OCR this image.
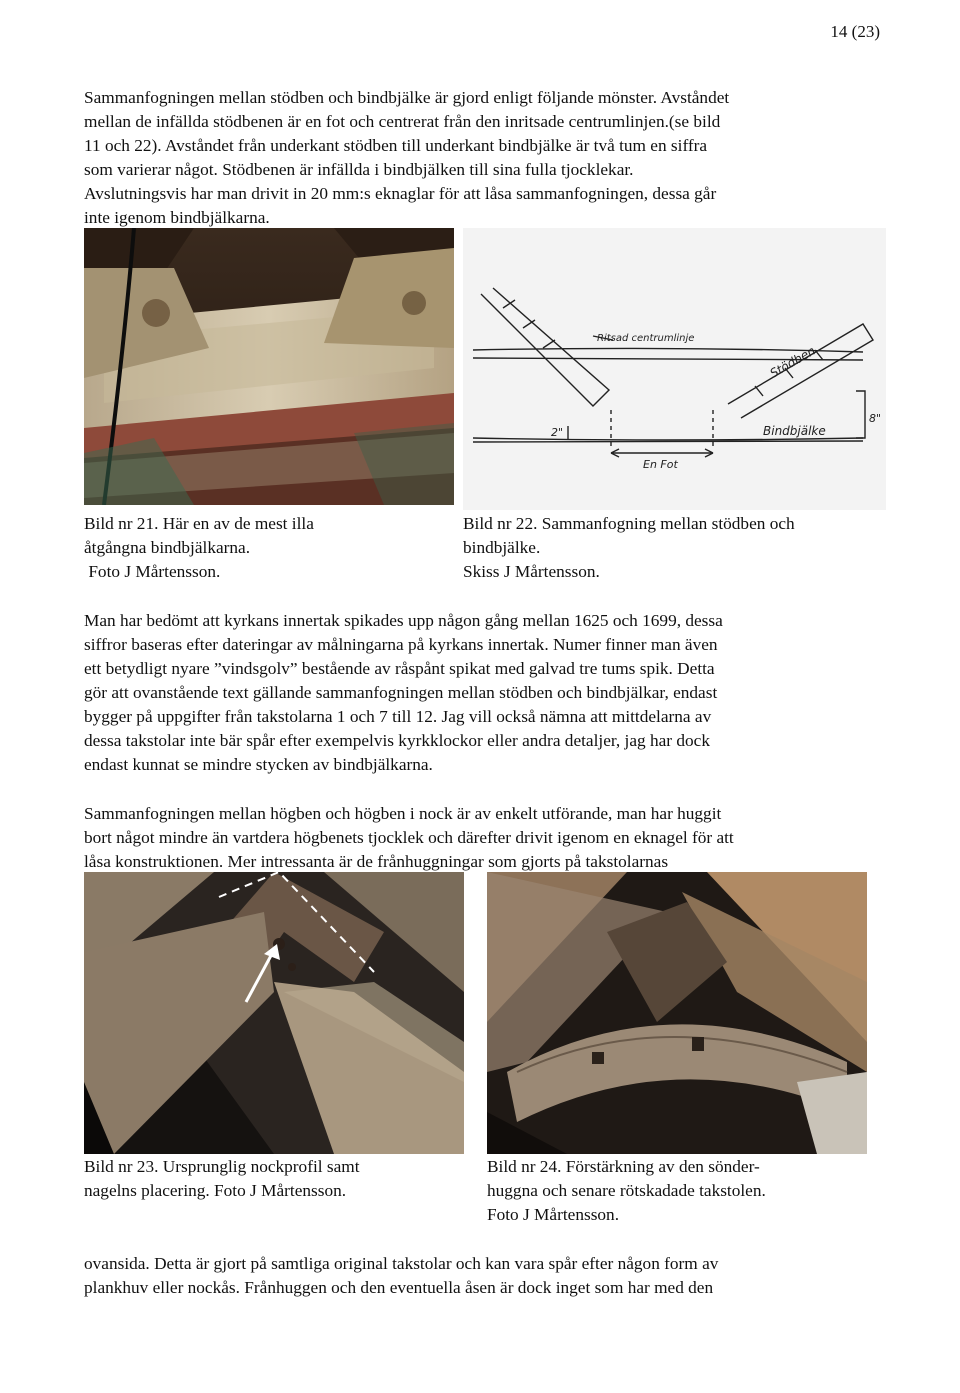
14 (23)

Sammanfogningen mellan stödben och bindbjälke är gjord enligt följande mönster. Avståndet
mellan de infällda stödbenen är en fot och centrerat från den inritsade centrumlinjen.(se bild
11 och 22). Avståndet från underkant stödben till underkant bindbjälke är två tum en siffra
som varierar något. Stödbenen är infällda i bindbjälken till sina fulla tjocklekar.
Avslutningsvis har man drivit in 20 mm:s eknaglar för att låsa sammanfogningen, dessa går
inte igenom bindbjälkarna.

Ritsad centrumlinje
Stödben
Bindbjälke
2"
8"
En Fot
Bild nr 21. Här en av de mest illa
åtgångna bindbjälkarna.
Foto J Mårtensson.
Bild nr 22. Sammanfogning mellan stödben och
bindbjälke.
Skiss J Mårtensson.

Man har bedömt att kyrkans innertak spikades upp någon gång mellan 1625 och 1699, dessa
siffror baseras efter dateringar av målningarna på kyrkans innertak. Numer finner man även
ett betydligt nyare ”vindsgolv” bestående av råspånt spikat med galvad tre tums spik. Detta
gör att ovanstående text gällande sammanfogningen mellan stödben och bindbjälkar, endast
bygger på uppgifter från takstolarna 1 och 7 till 12. Jag vill också nämna att mittdelarna av
dessa takstolar inte bär spår efter exempelvis kyrkklockor eller andra detaljer, jag har dock
endast kunnat se mindre stycken av bindbjälkarna.

Sammanfogningen mellan högben och högben i nock är av enkelt utförande, man har huggit
bort något mindre än vartdera högbenets tjocklek och därefter drivit igenom en eknagel för att
låsa konstruktionen. Mer intressanta är de frånhuggningar som gjorts på takstolarnas

Bild nr 23. Ursprunglig nockprofil samt
nagelns placering. Foto J Mårtensson.
Bild nr 24. Förstärkning av den sönder-
huggna och senare rötskadade takstolen.
Foto J Mårtensson.

ovansida. Detta är gjort på samtliga original takstolar och kan vara spår efter någon form av
plankhuv eller nockås. Frånhuggen och den eventuella åsen är dock inget som har med den
